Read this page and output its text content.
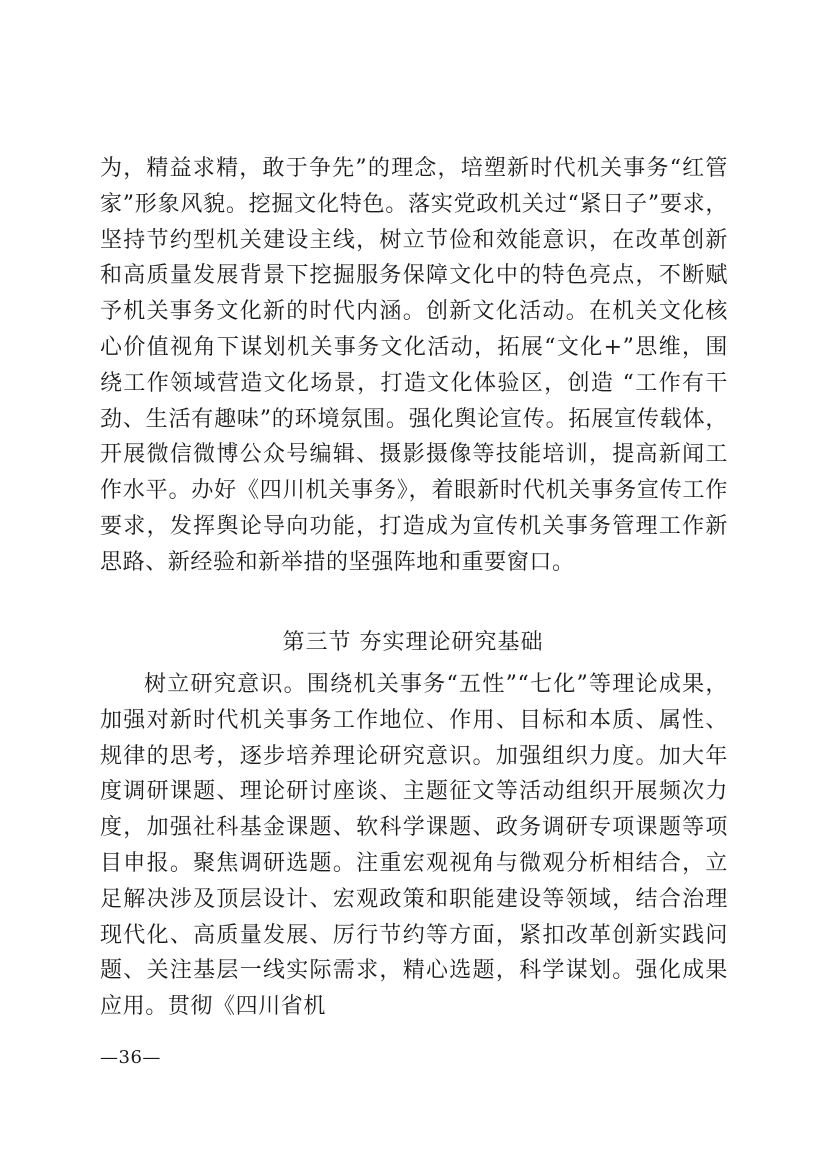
为，精益求精，敢于争先”的理念，培塑新时代机关事务“红管家”形象风貌。挖掘文化特色。落实党政机关过“紧日子”要求，坚持节约型机关建设主线，树立节俭和效能意识，在改革创新和高质量发展背景下挖掘服务保障文化中的特色亮点，不断赋予机关事务文化新的时代内涵。创新文化活动。在机关文化核心价值视角下谋划机关事务文化活动，拓展“文化+”思维，围绕工作领域营造文化场景，打造文化体验区，创造 “工作有干劲、生活有趣味”的环境氛围。强化舆论宣传。拓展宣传载体，开展微信微博公众号编辑、摄影摄像等技能培训，提高新闻工作水平。办好《四川机关事务》，着眼新时代机关事务宣传工作要求，发挥舆论导向功能，打造成为宣传机关事务管理工作新思路、新经验和新举措的坚强阵地和重要窗口。

第三节 夯实理论研究基础

树立研究意识。围绕机关事务“五性”“七化”等理论成果，加强对新时代机关事务工作地位、作用、目标和本质、属性、规律的思考，逐步培养理论研究意识。加强组织力度。加大年度调研课题、理论研讨座谈、主题征文等活动组织开展频次力度，加强社科基金课题、软科学课题、政务调研专项课题等项目申报。聚焦调研选题。注重宏观视角与微观分析相结合，立足解决涉及顶层设计、宏观政策和职能建设等领域，结合治理现代化、高质量发展、厉行节约等方面，紧扣改革创新实践问题、关注基层一线实际需求，精心选题，科学谋划。强化成果应用。贯彻《四川省机

—36—
